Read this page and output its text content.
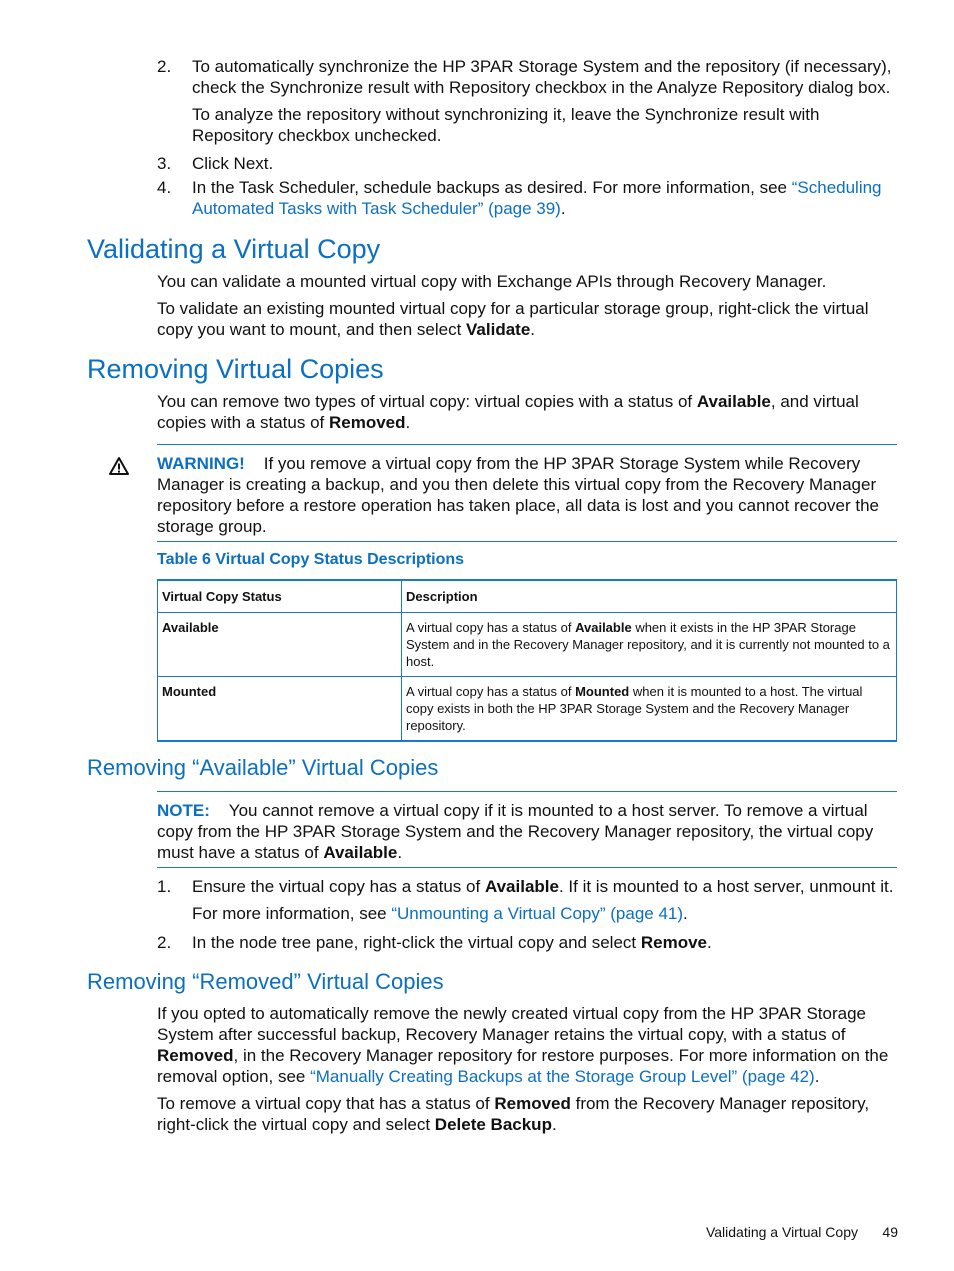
2.	To automatically synchronize the HP 3PAR Storage System and the repository (if necessary), check the Synchronize result with Repository checkbox in the Analyze Repository dialog box.
To analyze the repository without synchronizing it, leave the Synchronize result with Repository checkbox unchecked.
3.	Click Next.
4.	In the Task Scheduler, schedule backups as desired. For more information, see “Scheduling Automated Tasks with Task Scheduler” (page 39).
Validating a Virtual Copy
You can validate a mounted virtual copy with Exchange APIs through Recovery Manager.
To validate an existing mounted virtual copy for a particular storage group, right-click the virtual copy you want to mount, and then select Validate.
Removing Virtual Copies
You can remove two types of virtual copy: virtual copies with a status of Available, and virtual copies with a status of Removed.
WARNING! If you remove a virtual copy from the HP 3PAR Storage System while Recovery Manager is creating a backup, and you then delete this virtual copy from the Recovery Manager repository before a restore operation has taken place, all data is lost and you cannot recover the storage group.
Table 6 Virtual Copy Status Descriptions
Virtual Copy Status	Description
Available	A virtual copy has a status of Available when it exists in the HP 3PAR Storage System and in the Recovery Manager repository, and it is currently not mounted to a host.
Mounted	A virtual copy has a status of Mounted when it is mounted to a host. The virtual copy exists in both the HP 3PAR Storage System and the Recovery Manager repository.
Removing “Available” Virtual Copies
NOTE: You cannot remove a virtual copy if it is mounted to a host server. To remove a virtual copy from the HP 3PAR Storage System and the Recovery Manager repository, the virtual copy must have a status of Available.
1.	Ensure the virtual copy has a status of Available. If it is mounted to a host server, unmount it.
For more information, see “Unmounting a Virtual Copy” (page 41).
2.	In the node tree pane, right-click the virtual copy and select Remove.
Removing “Removed” Virtual Copies
If you opted to automatically remove the newly created virtual copy from the HP 3PAR Storage System after successful backup, Recovery Manager retains the virtual copy, with a status of Removed, in the Recovery Manager repository for restore purposes. For more information on the removal option, see “Manually Creating Backups at the Storage Group Level” (page 42).
To remove a virtual copy that has a status of Removed from the Recovery Manager repository, right-click the virtual copy and select Delete Backup.
Validating a Virtual Copy	49
